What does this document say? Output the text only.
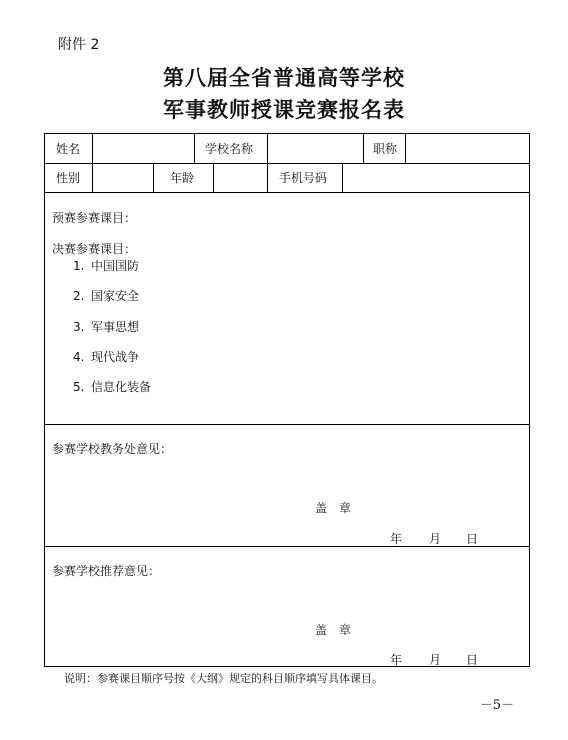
附件 2
第八届全省普通高等学校
军事教师授课竞赛报名表
姓名	学校名称	职称
性别	年龄	手机号码
预赛参赛课目：
决赛参赛课目：
1. 中国国防
2. 国家安全
3. 军事思想
4. 现代战争
5. 信息化装备
参赛学校教务处意见：
盖　章
年 月 日
参赛学校推荐意见：
盖　章
年 月 日
说明：参赛课目顺序号按《大纲》规定的科目顺序填写具体课目。
－5－
